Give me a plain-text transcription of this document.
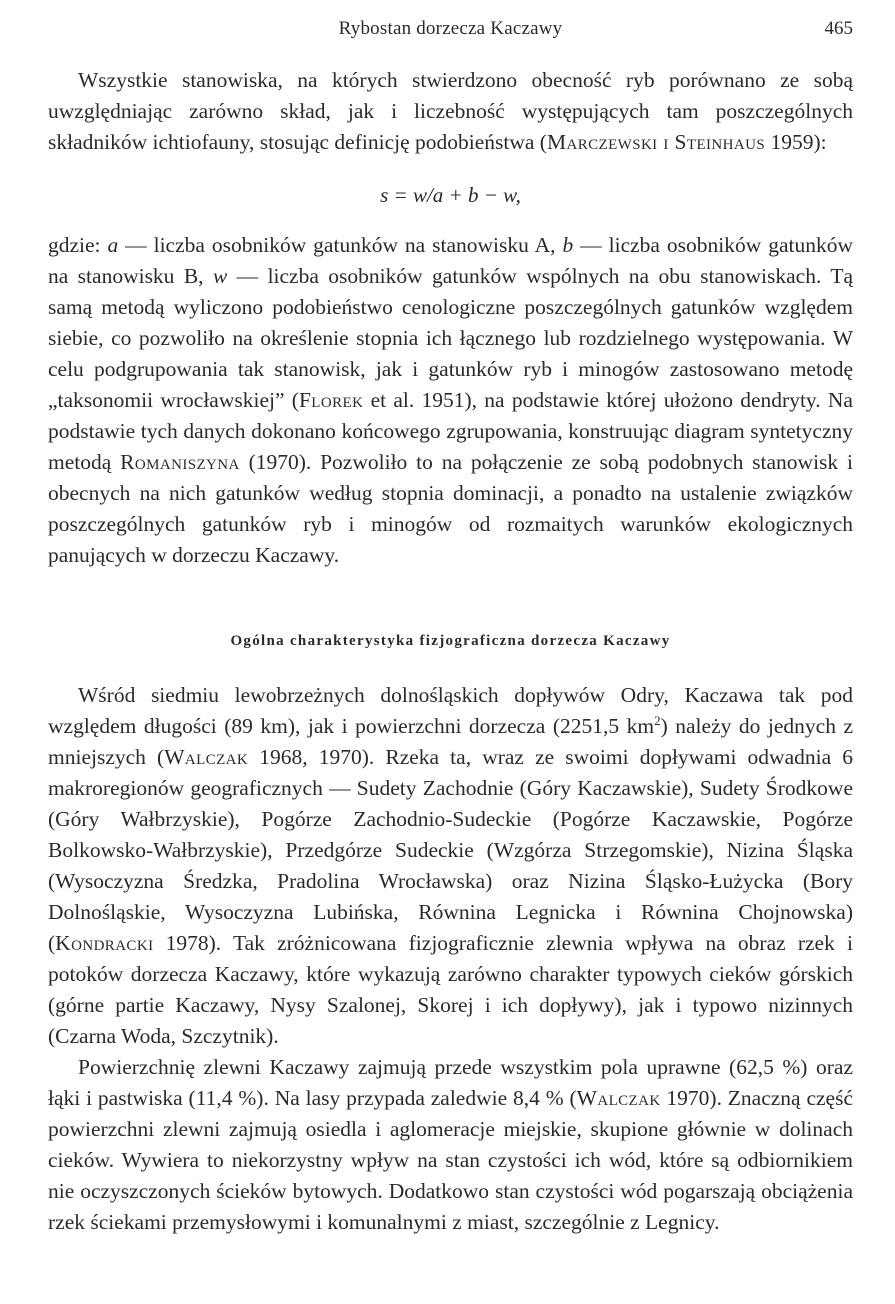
Rybostan dorzecza Kaczawy	465

Wszystkie stanowiska, na których stwierdzono obecność ryb porównano ze sobą uwzględniając zarówno skład, jak i liczebność występujących tam poszczególnych składników ichtiofauny, stosując definicję podobieństwa (Marczewski i Steinhaus 1959):

s = w/a + b − w,

gdzie: a — liczba osobników gatunków na stanowisku A, b — liczba osobników gatunków na stanowisku B, w — liczba osobników gatunków wspólnych na obu stanowiskach. Tą samą metodą wyliczono podobieństwo cenologiczne poszczególnych gatunków względem siebie, co pozwoliło na określenie stopnia ich łącznego lub rozdzielnego występowania. W celu podgrupowania tak stanowisk, jak i gatunków ryb i minogów zastosowano metodę „taksonomii wrocławskiej” (Florek et al. 1951), na podstawie której ułożono dendryty. Na podstawie tych danych dokonano końcowego zgrupowania, konstruując diagram syntetyczny metodą Romaniszyna (1970). Pozwoliło to na połączenie ze sobą podobnych stanowisk i obecnych na nich gatunków według stopnia dominacji, a ponadto na ustalenie związków poszczególnych gatunków ryb i minogów od rozmaitych warunków ekologicznych panujących w dorzeczu Kaczawy.

Ogólna charakterystyka fizjograficzna dorzecza Kaczawy

Wśród siedmiu lewobrzeżnych dolnośląskich dopływów Odry, Kaczawa tak pod względem długości (89 km), jak i powierzchni dorzecza (2251,5 $km^2$) należy do jednych z mniejszych (Walczak 1968, 1970). Rzeka ta, wraz ze swoimi dopływami odwadnia 6 makroregionów geograficznych — Sudety Zachodnie (Góry Kaczawskie), Sudety Środkowe (Góry Wałbrzyskie), Pogórze Zachodnio-Sudeckie (Pogórze Kaczawskie, Pogórze Bolkowsko-Wałbrzyskie), Przedgórze Sudeckie (Wzgórza Strzegomskie), Nizina Śląska (Wysoczyzna Średzka, Pradolina Wrocławska) oraz Nizina Śląsko-Łużycka (Bory Dolnośląskie, Wysoczyzna Lubińska, Równina Legnicka i Równina Chojnowska) (Kondracki 1978). Tak zróżnicowana fizjograficznie zlewnia wpływa na obraz rzek i potoków dorzecza Kaczawy, które wykazują zarówno charakter typowych cieków górskich (górne partie Kaczawy, Nysy Szalonej, Skorej i ich dopływy), jak i typowo nizinnych (Czarna Woda, Szczytnik).

Powierzchnię zlewni Kaczawy zajmują przede wszystkim pola uprawne (62,5 %) oraz łąki i pastwiska (11,4 %). Na lasy przypada zaledwie 8,4 % (Walczak 1970). Znaczną część powierzchni zlewni zajmują osiedla i aglomeracje miejskie, skupione głównie w dolinach cieków. Wywiera to niekorzystny wpływ na stan czystości ich wód, które są odbiornikiem nie oczyszczonych ścieków bytowych. Dodatkowo stan czystości wód pogarszają obciążenia rzek ściekami przemysłowymi i komunalnymi z miast, szczególnie z Legnicy.
